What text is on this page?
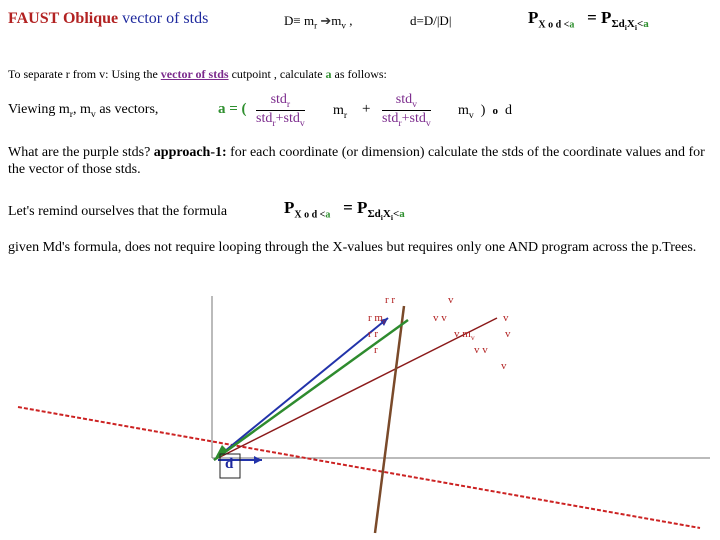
FAUST Oblique vector of stds	$D\equiv m_r$ $➔m_v$ ,	d=D/|D|	$P_{X o d <a} = P_{\Sigma d_iX_i<a}$
To separate r from v: Using the vector of stds cutpoint , calculate a as follows:
Viewing $m_r$, $m_v$ as vectors,	a = (
std$_r$
std$_r$+std$_v$
$m_r$ +
std$_v$
std$_r$+std$_v$
$m_v$ ) o d
What are the purple stds? approach-1: for each coordinate (or dimension) calculate the stds of the coordinate values and for the vector of those stds.
Let's remind ourselves that the formula	$P_{X o d <a} = P_{\Sigma d_iX_i<a}$
given Md's formula, does not require looping through the X-values but requires only one AND program across the p.Trees.
d
r r
r $m_r$
r r
r
v
v v	v
v $m_v$	v
v v
v
